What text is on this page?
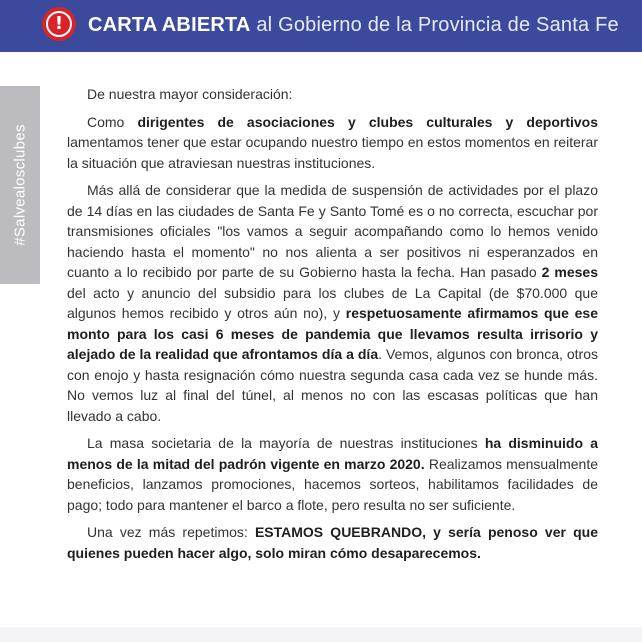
!	CARTA ABIERTA al Gobierno de la Provincia de Santa Fe
#Salvealosclubes

De nuestra mayor consideración:

Como dirigentes de asociaciones y clubes culturales y deportivos lamentamos tener que estar ocupando nuestro tiempo en estos momentos en reiterar la situación que atraviesan nuestras instituciones.

Más allá de considerar que la medida de suspensión de actividades por el plazo de 14 días en las ciudades de Santa Fe y Santo Tomé es o no correcta, escuchar por transmisiones oficiales "los vamos a seguir acompañando como lo hemos venido haciendo hasta el momento" no nos alienta a ser positivos ni esperanzados en cuanto a lo recibido por parte de su Gobierno hasta la fecha. Han pasado 2 meses del acto y anuncio del subsidio para los clubes de La Capital (de $70.000 que algunos hemos recibido y otros aún no), y respetuosamente afirmamos que ese monto para los casi 6 meses de pandemia que llevamos resulta irrisorio y alejado de la realidad que afrontamos día a día. Vemos, algunos con bronca, otros con enojo y hasta resignación cómo nuestra segunda casa cada vez se hunde más. No vemos luz al final del túnel, al menos no con las escasas políticas que han llevado a cabo.

La masa societaria de la mayoría de nuestras instituciones ha disminuido a menos de la mitad del padrón vigente en marzo 2020. Realizamos mensualmente beneficios, lanzamos promociones, hacemos sorteos, habilitamos facilidades de pago; todo para mantener el barco a flote, pero resulta no ser suficiente.

Una vez más repetimos: ESTAMOS QUEBRANDO, y sería penoso ver que quienes pueden hacer algo, solo miran cómo desaparecemos.
